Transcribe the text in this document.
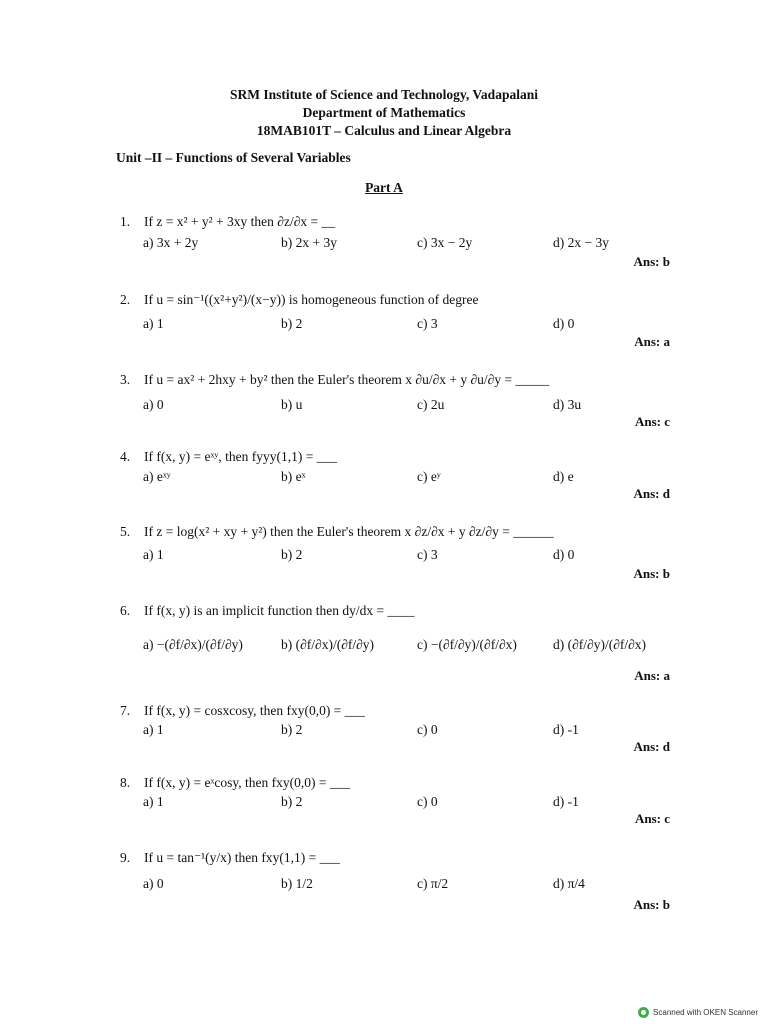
SRM Institute of Science and Technology, Vadapalani
Department of Mathematics
18MAB101T – Calculus and Linear Algebra
Unit –II – Functions of Several Variables
Part A
1. If z = x² + y² + 3xy then ∂z/∂x = __
a) 3x + 2y	b) 2x + 3y	c) 3x − 2y	d) 2x − 3y
Ans: b
2. If u = sin⁻¹((x²+y²)/(x−y)) is homogeneous function of degree
a) 1	b) 2	c) 3	d) 0
Ans: a
3. If u = ax² + 2hxy + by² then the Euler's theorem x ∂u/∂x + y ∂u/∂y = _____
a) 0	b) u	c) 2u	d) 3u
Ans: c
4. If f(x, y) = eˣʸ, then fyyy(1,1) = ___
a) eˣʸ	b) eˣ	c) eʸ	d) e
Ans: d
5. If z = log(x² + xy + y²) then the Euler's theorem x ∂z/∂x + y ∂z/∂y = ______
a) 1	b) 2	c) 3	d) 0
Ans: b
6. If f(x, y) is an implicit function then dy/dx = ____
a) −(∂f/∂x)/(∂f/∂y)	b) (∂f/∂x)/(∂f/∂y)	c) −(∂f/∂y)/(∂f/∂x)	d) (∂f/∂y)/(∂f/∂x)
Ans: a
7. If f(x, y) = cosxcosy, then fxy(0,0) = ___
a) 1	b) 2	c) 0	d) -1
Ans: d
8. If f(x, y) = eˣcosy, then fxy(0,0) = ___
a) 1	b) 2	c) 0	d) -1
Ans: c
9. If u = tan⁻¹(y/x) then fxy(1,1) = ___
a) 0	b) 1/2	c) π/2	d) π/4
Ans: b
Scanned with OKEN Scanner
